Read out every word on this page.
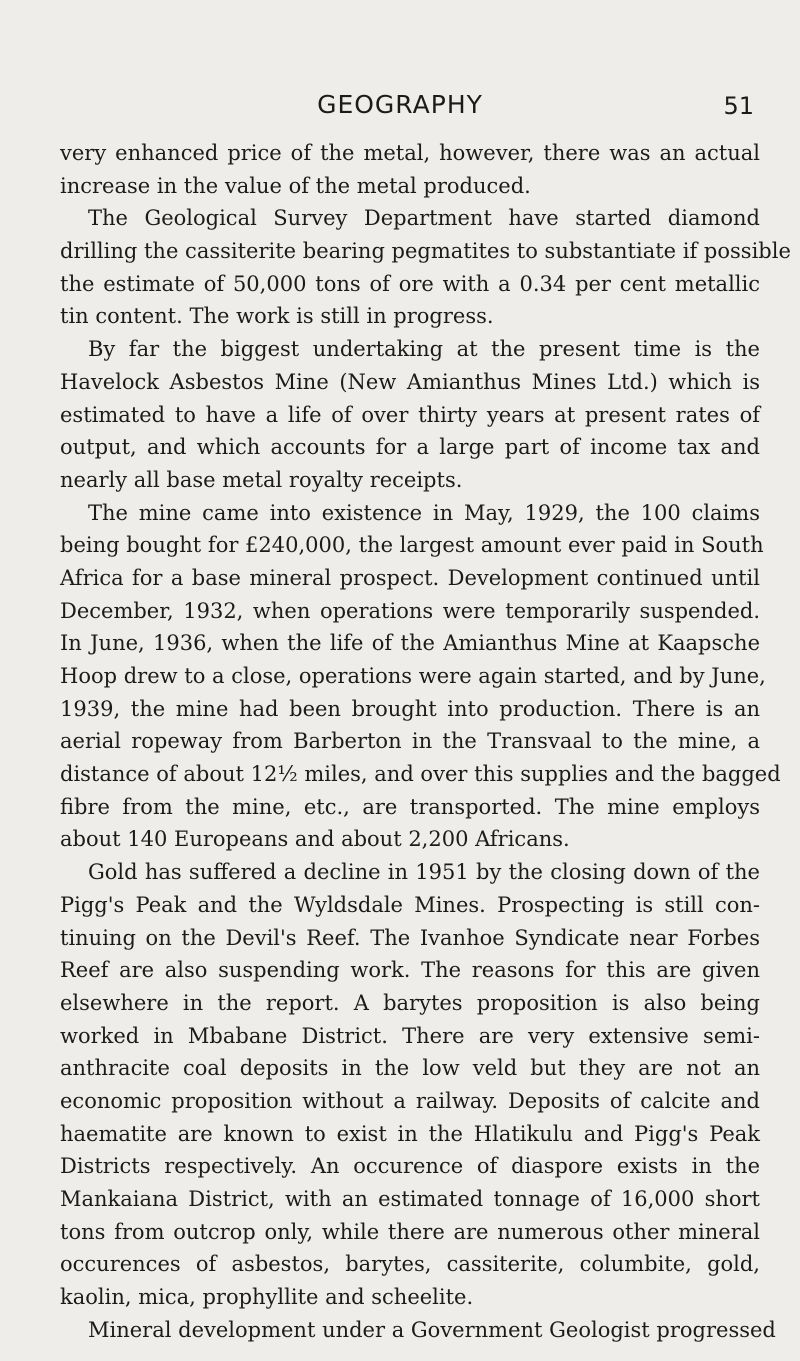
GEOGRAPHY	51
very enhanced price of the metal, however, there was an actual
increase in the value of the metal produced.
The Geological Survey Department have started diamond
drilling the cassiterite bearing pegmatites to substantiate if possible
the estimate of 50,000 tons of ore with a 0.34 per cent metallic
tin content. The work is still in progress.
By far the biggest undertaking at the present time is the
Havelock Asbestos Mine (New Amianthus Mines Ltd.) which is
estimated to have a life of over thirty years at present rates of
output, and which accounts for a large part of income tax and
nearly all base metal royalty receipts.
The mine came into existence in May, 1929, the 100 claims
being bought for £240,000, the largest amount ever paid in South
Africa for a base mineral prospect. Development continued until
December, 1932, when operations were temporarily suspended.
In June, 1936, when the life of the Amianthus Mine at Kaapsche
Hoop drew to a close, operations were again started, and by June,
1939, the mine had been brought into production. There is an
aerial ropeway from Barberton in the Transvaal to the mine, a
distance of about 12½ miles, and over this supplies and the bagged
fibre from the mine, etc., are transported. The mine employs
about 140 Europeans and about 2,200 Africans.
Gold has suffered a decline in 1951 by the closing down of the
Pigg's Peak and the Wyldsdale Mines. Prospecting is still con-
tinuing on the Devil's Reef. The Ivanhoe Syndicate near Forbes
Reef are also suspending work. The reasons for this are given
elsewhere in the report. A barytes proposition is also being
worked in Mbabane District. There are very extensive semi-
anthracite coal deposits in the low veld but they are not an
economic proposition without a railway. Deposits of calcite and
haematite are known to exist in the Hlatikulu and Pigg's Peak
Districts respectively. An occurence of diaspore exists in the
Mankaiana District, with an estimated tonnage of 16,000 short
tons from outcrop only, while there are numerous other mineral
occurences of asbestos, barytes, cassiterite, columbite, gold,
kaolin, mica, prophyllite and scheelite.
Mineral development under a Government Geologist progressed
